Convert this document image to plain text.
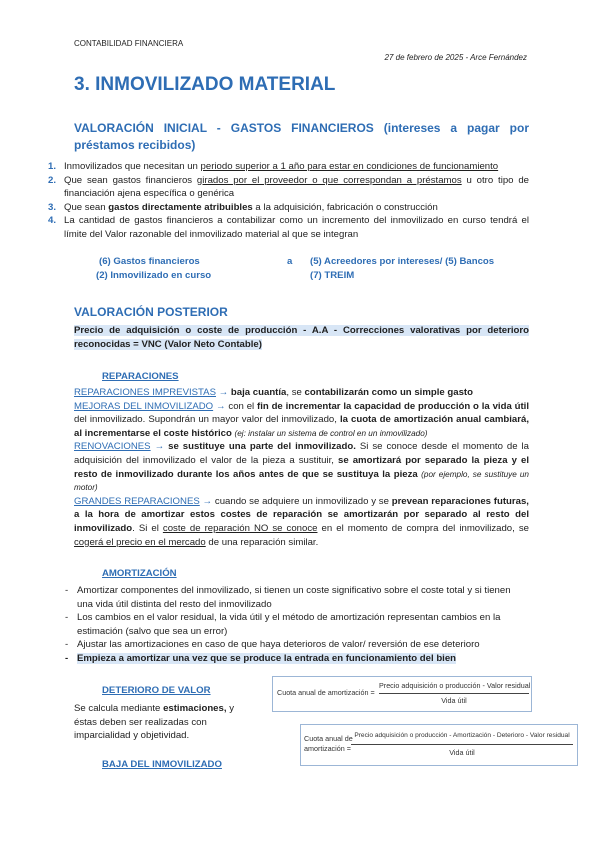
CONTABILIDAD FINANCIERA
27 de febrero de 2025 - Arce Fernández
3. INMOVILIZADO MATERIAL
VALORACIÓN INICIAL - GASTOS FINANCIEROS (intereses a pagar por préstamos recibidos)
1. Inmovilizados que necesitan un periodo superior a 1 año para estar en condiciones de funcionamiento
2. Que sean gastos financieros girados por el proveedor o que correspondan a préstamos u otro tipo de financiación ajena específica o genérica
3. Que sean gastos directamente atribuibles a la adquisición, fabricación o construcción
4. La cantidad de gastos financieros a contabilizar como un incremento del inmovilizado en curso tendrá el límite del Valor razonable del inmovilizado material al que se integran
(6) Gastos financieros
(2) Inmovilizado en curso
a (5) Acreedores por intereses/ (5) Bancos
(7) TREIM
VALORACIÓN POSTERIOR
Precio de adquisición o coste de producción - A.A - Correcciones valorativas por deterioro reconocidas = VNC (Valor Neto Contable)
REPARACIONES
REPARACIONES IMPREVISTAS → baja cuantía, se contabilizarán como un simple gasto
MEJORAS DEL INMOVILIZADO → con el fin de incrementar la capacidad de producción o la vida útil del inmovilizado. Supondrán un mayor valor del inmovilizado, la cuota de amortización anual cambiará, al incrementarse el coste histórico (ej: instalar un sistema de control en un inmovilizado)
RENOVACIONES → se sustituye una parte del inmovilizado. Si se conoce desde el momento de la adquisición del inmovilizado el valor de la pieza a sustituir, se amortizará por separado la pieza y el resto de inmovilizado durante los años antes de que se sustituya la pieza (por ejemplo, se sustituye un motor)
GRANDES REPARACIONES → cuando se adquiere un inmovilizado y se prevean reparaciones futuras, a la hora de amortizar estos costes de reparación se amortizarán por separado al resto del inmovilizado. Si el coste de reparación NO se conoce en el momento de compra del inmovilizado, se cogerá el precio en el mercado de una reparación similar.
AMORTIZACIÓN
- Amortizar componentes del inmovilizado, si tienen un coste significativo sobre el coste total y si tienen una vida útil distinta del resto del inmovilizado
- Los cambios en el valor residual, la vida útil y el método de amortización representan cambios en la estimación (salvo que sea un error)
- Ajustar las amortizaciones en caso de que haya deterioros de valor/ reversión de ese deterioro
- Empieza a amortizar una vez que se produce la entrada en funcionamiento del bien
DETERIORO DE VALOR
Se calcula mediante estimaciones, y éstas deben ser realizadas con imparcialidad y objetividad.
BAJA DEL INMOVILIZADO
Cuota anual de amortización =
Precio adquisición o producción - Valor residual
Vida útil
Cuota anual de
amortización =
Precio adquisición o producción - Amortización - Deterioro - Valor residual
Vida útil
